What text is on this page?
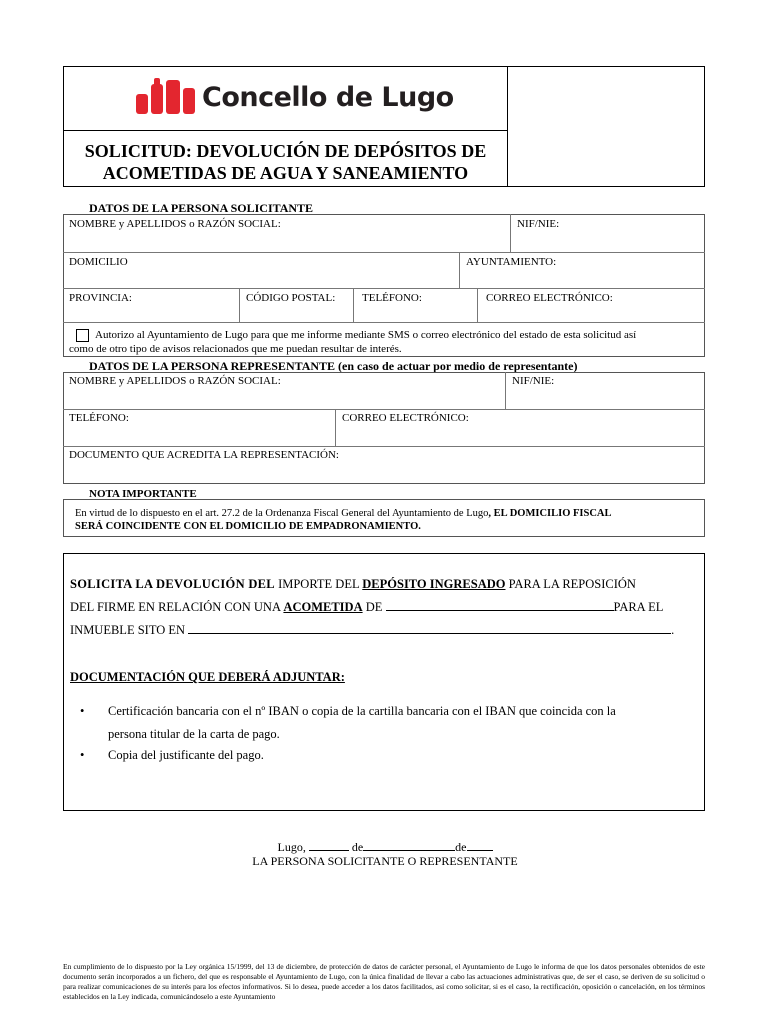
Concello de Lugo
SOLICITUD: DEVOLUCIÓN DE DEPÓSITOS DE
ACOMETIDAS DE AGUA Y SANEAMIENTO
DATOS DE LA PERSONA SOLICITANTE
NOMBRE y APELLIDOS o RAZÓN SOCIAL:	NIF/NIE:
DOMICILIO	AYUNTAMIENTO:
PROVINCIA:	CÓDIGO POSTAL: TELÉFONO:	CORREO ELECTRÓNICO:
Autorizo al Ayuntamiento de Lugo para que me informe mediante SMS o correo electrónico del estado de esta solicitud así
como de otro tipo de avisos relacionados que me puedan resultar de interés.
DATOS DE LA PERSONA REPRESENTANTE (en caso de actuar por medio de representante)
NOMBRE y APELLIDOS o RAZÓN SOCIAL:	NIF/NIE:
TELÉFONO:	CORREO ELECTRÓNICO:
DOCUMENTO QUE ACREDITA LA REPRESENTACIÓN:
NOTA IMPORTANTE
En virtud de lo dispuesto en el art. 27.2 de la Ordenanza Fiscal General del Ayuntamiento de Lugo, EL DOMICILIO FISCAL
SERÁ COINCIDENTE CON EL DOMICILIO DE EMPADRONAMIENTO.
SOLICITA LA DEVOLUCIÓN DEL IMPORTE DEL DEPÓSITO INGRESADO PARA LA REPOSICIÓN
DEL FIRME EN RELACIÓN CON UNA ACOMETIDA DE	PARA EL
INMUEBLE SITO EN	.
DOCUMENTACIÓN QUE DEBERÁ ADJUNTAR:
• Certificación bancaria con el nº IBAN o copia de la cartilla bancaria con el IBAN que coincida con la
persona titular de la carta de pago.
• Copia del justificante del pago.
Lugo,	de	de
LA PERSONA SOLICITANTE O REPRESENTANTE
En cumplimiento de lo dispuesto por la Ley orgánica 15/1999, del 13 de diciembre, de protección de datos de carácter personal, el Ayuntamiento de Lugo le informa de que los datos personales obtenidos de este documento serán incorporados a un fichero, del que es responsable el Ayuntamiento de Lugo, con la única finalidad de llevar a cabo las actuaciones administrativas que, de ser el caso, se deriven de su solicitud o para realizar comunicaciones de su interés para los efectos informativos. Si lo desea, puede acceder a los datos facilitados, así como solicitar, si es el caso, la rectificación, oposición o cancelación, en los términos establecidos en la Ley indicada, comunicándoselo a este Ayuntamiento
